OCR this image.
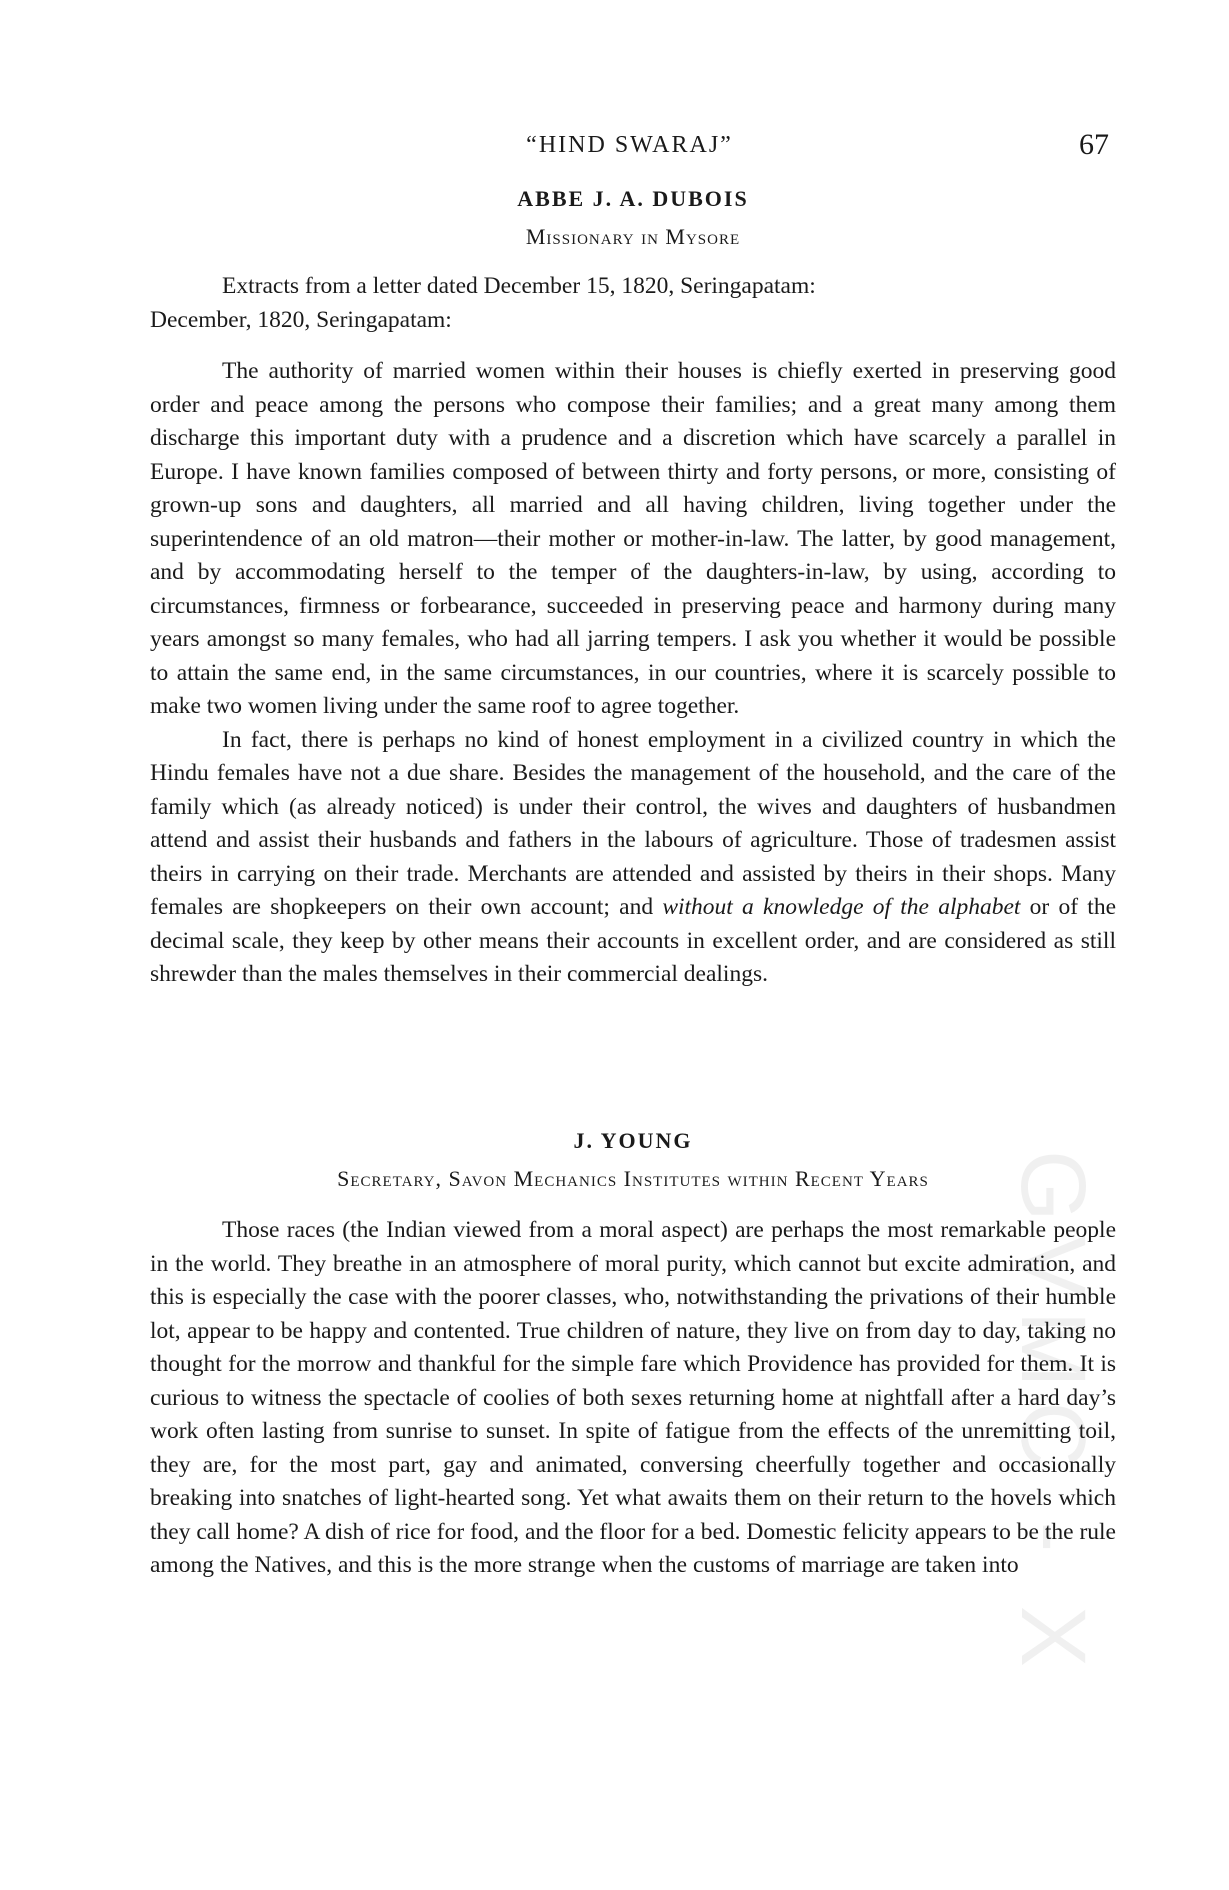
“HIND SWARAJ”	67
ABBE J. A. DUBOIS
Missionary in Mysore
Extracts from a letter dated December 15, 1820, Seringapatam:
December, 1820, Seringapatam:

The authority of married women within their houses is chiefly exerted in preserving good order and peace among the persons who compose their families; and a great many among them discharge this important duty with a prudence and a discretion which have scarcely a parallel in Europe. I have known families composed of between thirty and forty persons, or more, consisting of grown-up sons and daughters, all married and all having children, living together under the superintendence of an old matron—their mother or mother-in-law. The latter, by good management, and by accommodating herself to the temper of the daughters-in-law, by using, according to circumstances, firmness or forbearance, succeeded in preserving peace and harmony during many years amongst so many females, who had all jarring tempers. I ask you whether it would be possible to attain the same end, in the same circumstances, in our countries, where it is scarcely possible to make two women living under the same roof to agree together.

In fact, there is perhaps no kind of honest employment in a civilized country in which the Hindu females have not a due share. Besides the management of the household, and the care of the family which (as already noticed) is under their control, the wives and daughters of husbandmen attend and assist their husbands and fathers in the labours of agriculture. Those of tradesmen assist theirs in carrying on their trade. Merchants are attended and assisted by theirs in their shops. Many females are shopkeepers on their own account; and without a knowledge of the alphabet or of the decimal scale, they keep by other means their accounts in excellent order, and are considered as still shrewder than the males themselves in their commercial dealings.

J. YOUNG
Secretary, Savon Mechanics Institutes within Recent Years

Those races (the Indian viewed from a moral aspect) are perhaps the most remarkable people in the world. They breathe in an atmosphere of moral purity, which cannot but excite admiration, and this is especially the case with the poorer classes, who, notwithstanding the privations of their humble lot, appear to be happy and contented. True children of nature, they live on from day to day, taking no thought for the morrow and thankful for the simple fare which Providence has provided for them. It is curious to witness the spectacle of coolies of both sexes returning home at nightfall after a hard day’s work often lasting from sunrise to sunset. In spite of fatigue from the effects of the unremitting toil, they are, for the most part, gay and animated, conversing cheerfully together and occasionally breaking into snatches of light-hearted song. Yet what awaits them on their return to the hovels which they call home? A dish of rice for food, and the floor for a bed. Domestic felicity appears to be the rule among the Natives, and this is the more strange when the customs of marriage are taken into

GVMC - X
